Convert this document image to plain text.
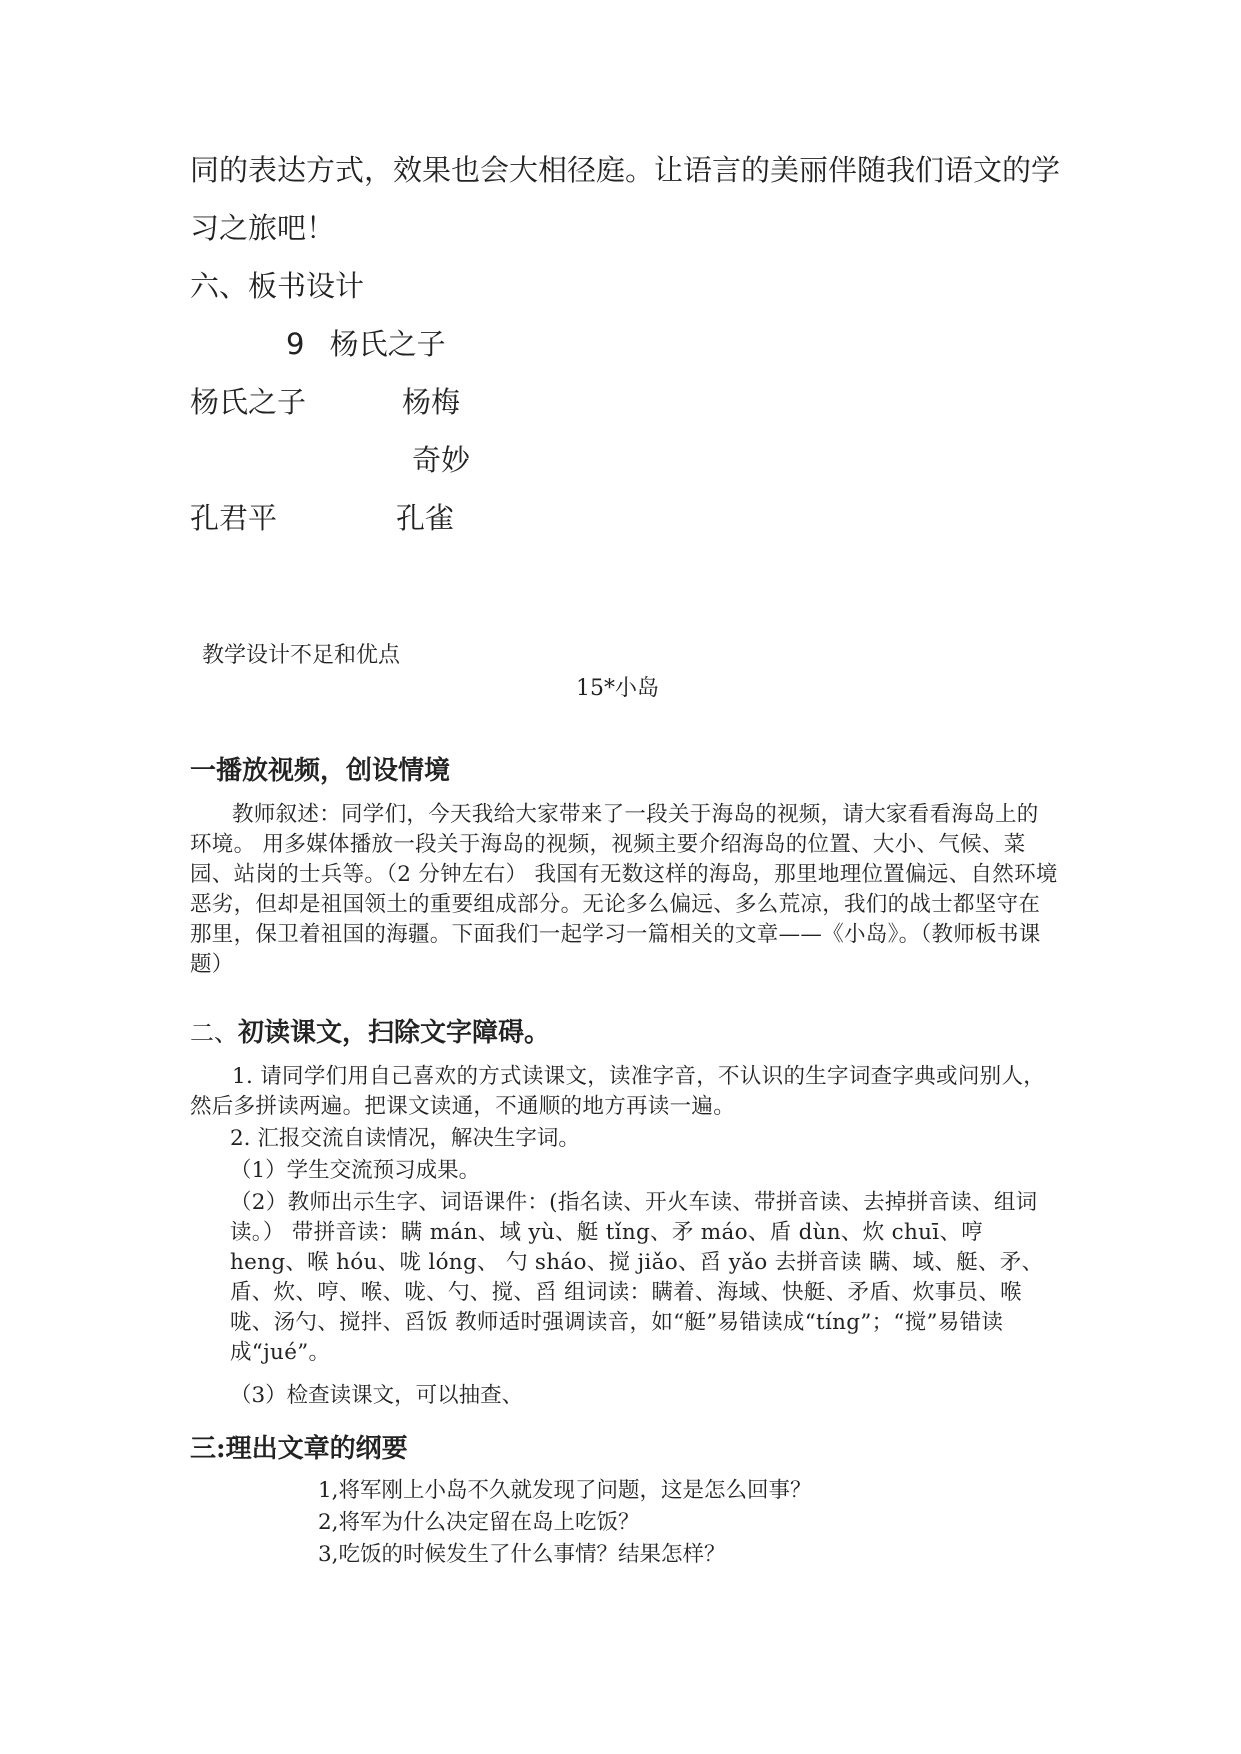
同的表达方式，效果也会大相径庭。让语言的美丽伴随我们语文的学
习之旅吧！
六、板书设计
9 杨氏之子
杨氏之子	杨梅
奇妙
孔君平	孔雀
教学设计不足和优点
15*小岛
一播放视频，创设情境
教师叙述：同学们，今天我给大家带来了一段关于海岛的视频，请大家看看海岛上的环境。 用多媒体播放一段关于海岛的视频，视频主要介绍海岛的位置、大小、气候、菜园、站岗的士兵等。（2 分钟左右） 我国有无数这样的海岛，那里地理位置偏远、自然环境恶劣，但却是祖国领土的重要组成部分。无论多么偏远、多么荒凉，我们的战士都坚守在那里，保卫着祖国的海疆。下面我们一起学习一篇相关的文章——《小岛》。（教师板书课题）
二、初读课文，扫除文字障碍。
1. 请同学们用自己喜欢的方式读课文，读准字音，不认识的生字词查字典或问别人，然后多拼读两遍。把课文读通，不通顺的地方再读一遍。
2. 汇报交流自读情况，解决生字词。
（1）学生交流预习成果。
（2）教师出示生字、词语课件：(指名读、开火车读、带拼音读、去掉拼音读、组词读。） 带拼音读：瞒 mán、域 yù、艇 tǐng、矛 máo、盾 dùn、炊 chuī、哼 heng、喉 hóu、咙 lóng、 勺 sháo、搅 jiǎo、舀 yǎo 去拼音读 瞒、域、艇、矛、盾、炊、哼、喉、咙、勺、搅、舀 组词读：瞒着、海域、快艇、矛盾、炊事员、喉咙、汤勺、搅拌、舀饭 教师适时强调读音，如“艇”易错读成“tíng”；“搅”易错读成“jué”。
（3）检查读课文，可以抽查、
三:理出文章的纲要
1,将军刚上小岛不久就发现了问题，这是怎么回事？
2,将军为什么决定留在岛上吃饭？
3,吃饭的时候发生了什么事情？结果怎样？
